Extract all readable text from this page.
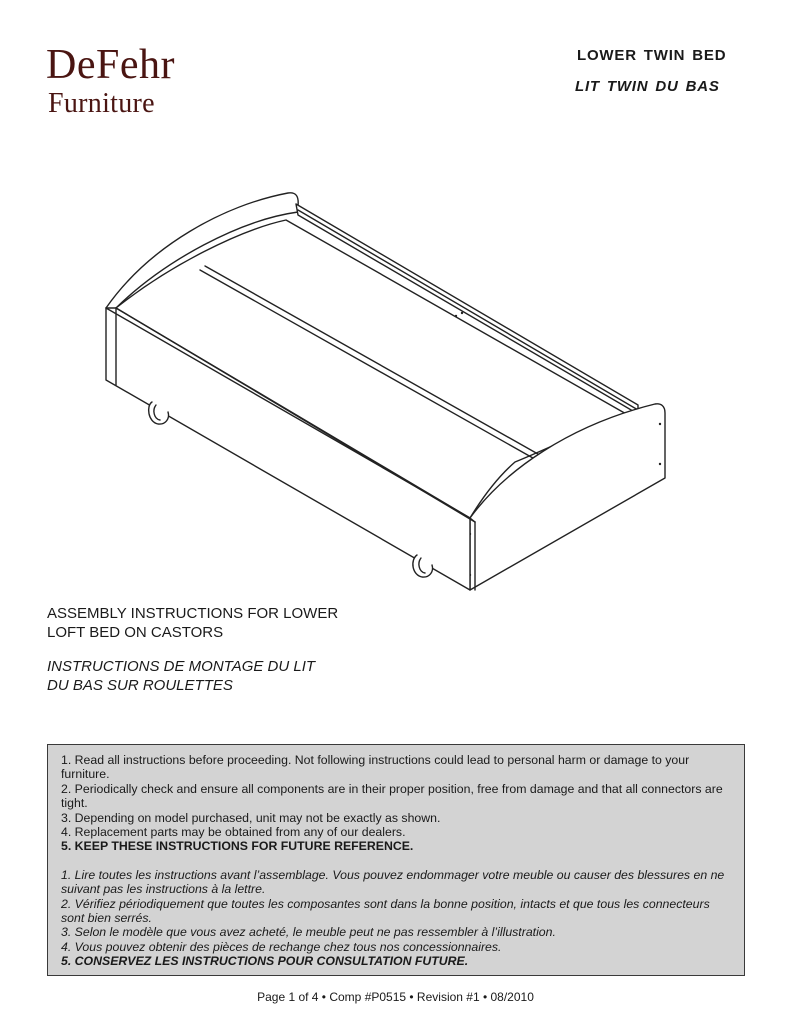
DeFehr
Furniture
LOWER TWIN BED
LIT TWIN DU BAS
ASSEMBLY INSTRUCTIONS FOR LOWER
LOFT BED ON CASTORS
INSTRUCTIONS DE MONTAGE DU LIT
DU BAS SUR ROULETTES

1. Read all instructions before proceeding. Not following instructions could lead to personal harm or damage to your furniture.

2. Periodically check and ensure all components are in their proper position, free from damage and that all connectors are tight.

3. Depending on model purchased, unit may not be exactly as shown.

4. Replacement parts may be obtained from any of our dealers.

5. KEEP THESE INSTRUCTIONS FOR FUTURE REFERENCE.

1. Lire toutes les instructions avant l’assemblage. Vous pouvez endommager votre meuble ou causer des blessures en ne suivant pas les instructions à la lettre.

2. Vérifiez périodiquement que toutes les composantes sont dans la bonne position, intacts et que tous les connecteurs sont bien serrés.

3. Selon le modèle que vous avez acheté, le meuble peut ne pas ressembler à l’illustration.

4. Vous pouvez obtenir des pièces de rechange chez tous nos concessionnaires.

5. CONSERVEZ LES INSTRUCTIONS POUR CONSULTATION FUTURE.

Page 1 of 4 • Comp #P0515 • Revision #1 • 08/2010
